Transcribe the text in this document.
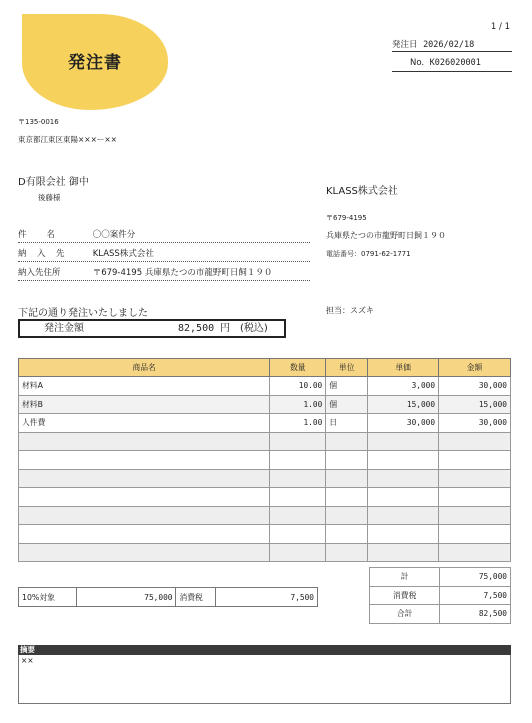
1 / 1
発注書
発注日 2026/02/18
No. K026020001
〒135-0016
東京都江東区東陽×××ー××
D有限会社 御中
後藤様
件　　名	〇〇案件分
納　入　先	KLASS株式会社
納入先住所	〒679-4195 兵庫県たつの市龍野町日飼１９０
KLASS株式会社
〒679-4195
兵庫県たつの市龍野町日飼１９０
電話番号：0791-62-1771
担当：スズキ
下記の通り発注いたしました
発注金額	82,500 円 (税込)
商品名	数量	単位	単価	金額
材料A	10.00	個	3,000	30,000
材料B	1.00	個	15,000	15,000
人件費	1.00	日	30,000	30,000

計	75,000
消費税	7,500
合計	82,500
10%対象	75,000	消費税	7,500
摘要
××
